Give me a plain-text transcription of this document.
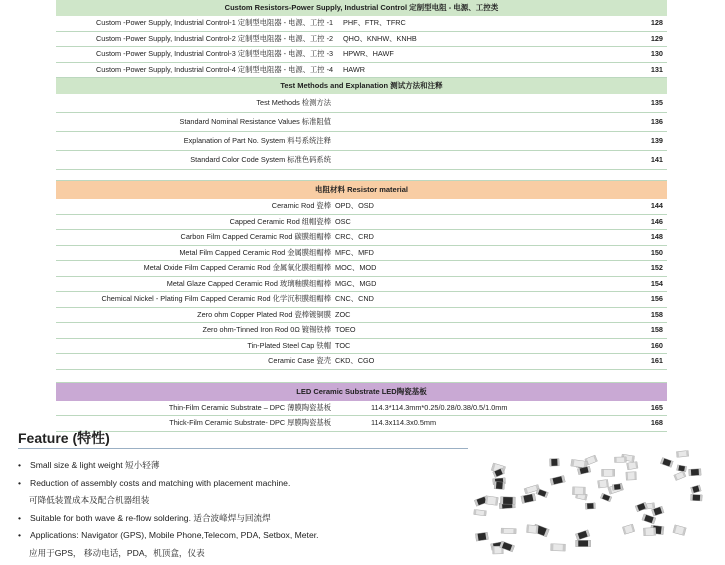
Custom Resistors-Power Supply, Industrial Control 定制型电阻 - 电源、工控类
Custom -Power Supply, Industrial Control-1 定制型电阻器 - 电源、工控 -1 PHF、FTR、TFRC	128
Custom -Power Supply, Industrial Control-2 定制型电阻器 - 电源、工控 -2 QHO、KNHW、KNHB	129
Custom -Power Supply, Industrial Control-3 定制型电阻器 - 电源、工控 -3 HPWR、HAWF	130
Custom -Power Supply, Industrial Control-4 定制型电阻器 - 电源、工控 -4 HAWR	131
Test Methods and Explanation 测试方法和注释
Test Methods 检测方法	135
Standard Nominal Resistance Values 标准阻值	136
Explanation of Part No. System 料号系统注释	139
Standard Color Code System 标准色码系统	141
电阻材料 Resistor material
Ceramic Rod 瓷棒 OPD、OSD	144
Capped Ceramic Rod 组帽瓷棒 OSC	146
Carbon Film Capped Ceramic Rod 碳膜组帽棒 CRC、CRD	148
Metal Film Capped Ceramic Rod 金属膜组帽棒 MFC、MFD	150
Metal Oxide Film Capped Ceramic Rod 金属氧化膜组帽棒 MOC、MOD	152
Metal Glaze Capped Ceramic Rod 玻璃釉膜组帽棒 MGC、MGD	154
Chemical Nickel - Plating Film Capped Ceramic Rod 化学沉积膜组帽棒 CNC、CND	156
Zero ohm Copper Plated Rod 瓷棒镀铜膜 ZOC	158
Zero ohm-Tinned Iron Rod 0Ω 镀锡铁棒 TOEO	158
Tin-Plated Steel Cap 铁帽 TOC	160
Ceramic Case 瓷壳 CKD、CGO	161
LED Ceramic Substrate LED陶瓷基板
Thin-Film Ceramic Substrate – DPC 薄膜陶瓷基板	114.3*114.3mm*0.25/0.28/0.38/0.5/1.0mm	165
Thick-Film Ceramic Substrate- DPC 厚膜陶瓷基板	114.3x114.3x0.5mm	168
Feature (特性)
• Small size & light weight 短小轻薄
• Reduction of assembly costs and matching with placement machine.
可降低装置成本及配合机器组装
• Suitable for both wave & re-flow soldering. 适合波峰焊与回流焊
• Applications: Navigator (GPS), Mobile Phone,Telecom, PDA, Setbox, Meter.
应用于GPS， 移动电话，PDA，机顶盒，仪表
